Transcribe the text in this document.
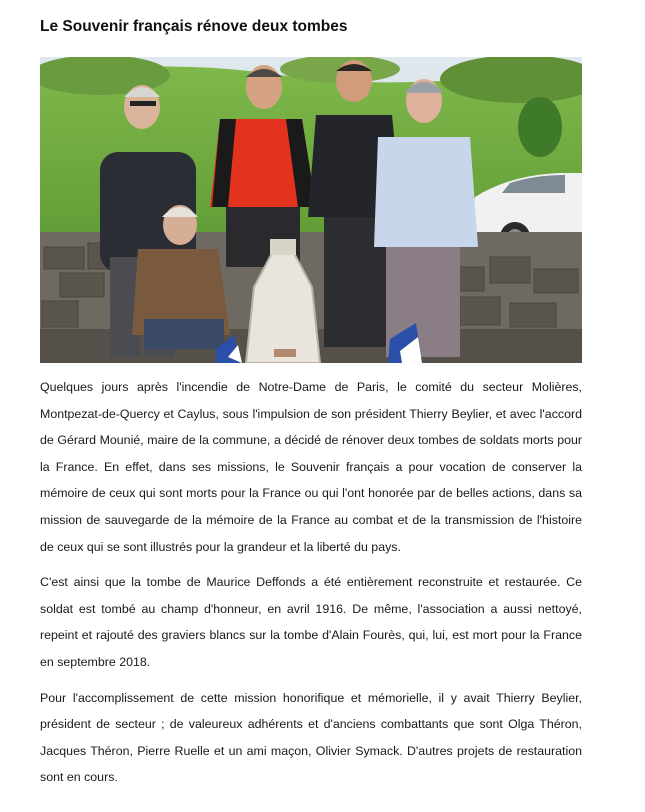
Le Souvenir français rénove deux tombes

Quelques jours après l'incendie de Notre-Dame de Paris, le comité du secteur Molières, Montpezat-de-Quercy et Caylus, sous l'impulsion de son président Thierry Beylier, et avec l'accord de Gérard Mounié, maire de la commune, a décidé de rénover deux tombes de soldats morts pour la France. En effet, dans ses missions, le Souvenir français a pour vocation de conserver la mémoire de ceux qui sont morts pour la France ou qui l'ont honorée par de belles actions, dans sa mission de sauvegarde de la mémoire de la France au combat et de la transmission de l'histoire de ceux qui se sont illustrés pour la grandeur et la liberté du pays.

C'est ainsi que la tombe de Maurice Deffonds a été entièrement reconstruite et restaurée. Ce soldat est tombé au champ d'honneur, en avril 1916. De même, l'association a aussi nettoyé, repeint et rajouté des graviers blancs sur la tombe d'Alain Fourès, qui, lui, est mort pour la France en septembre 2018.

Pour l'accomplissement de cette mission honorifique et mémorielle, il y avait Thierry Beylier, président de secteur ; de valeureux adhérents et d'anciens combattants que sont Olga Théron, Jacques Théron, Pierre Ruelle et un ami maçon, Olivier Symack. D'autres projets de restauration sont en cours.
